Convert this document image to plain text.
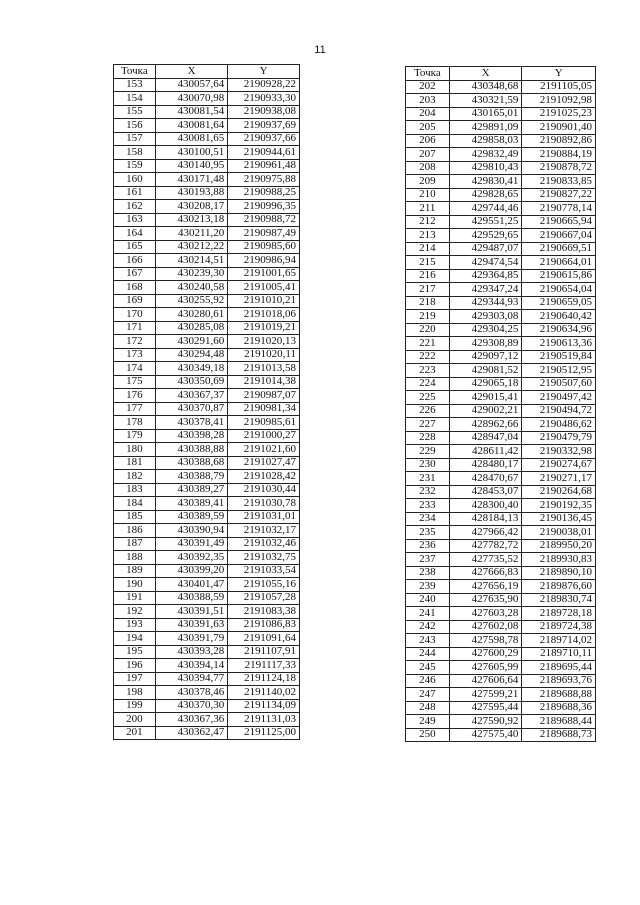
11
Точка	X	Y
153	430057,64	2190928,22
154	430070,98	2190933,30
155	430081,54	2190938,08
156	430081,64	2190937,69
157	430081,65	2190937,66
158	430100,51	2190944,61
159	430140,95	2190961,48
160	430171,48	2190975,88
161	430193,88	2190988,25
162	430208,17	2190996,35
163	430213,18	2190988,72
164	430211,20	2190987,49
165	430212,22	2190985,60
166	430214,51	2190986,94
167	430239,30	2191001,65
168	430240,58	2191005,41
169	430255,92	2191010,21
170	430280,61	2191018,06
171	430285,08	2191019,21
172	430291,60	2191020,13
173	430294,48	2191020,11
174	430349,18	2191013,58
175	430350,69	2191014,38
176	430367,37	2190987,07
177	430370,87	2190981,34
178	430378,41	2190985,61
179	430398,28	2191000,27
180	430388,88	2191021,60
181	430388,68	2191027,47
182	430388,79	2191028,42
183	430389,27	2191030,44
184	430389,41	2191030,78
185	430389,59	2191031,01
186	430390,94	2191032,17
187	430391,49	2191032,46
188	430392,35	2191032,75
189	430399,20	2191033,54
190	430401,47	2191055,16
191	430388,59	2191057,28
192	430391,51	2191083,38
193	430391,63	2191086,83
194	430391,79	2191091,64
195	430393,28	2191107,91
196	430394,14	2191117,33
197	430394,77	2191124,18
198	430378,46	2191140,02
199	430370,30	2191134,09
200	430367,36	2191131,03
201	430362,47	2191125,00
Точка	X	Y
202	430348,68	2191105,05
203	430321,59	2191092,98
204	430165,01	2191025,23
205	429891,09	2190901,40
206	429858,03	2190892,86
207	429832,49	2190884,19
208	429810,43	2190878,72
209	429830,41	2190833,85
210	429828,65	2190827,22
211	429744,46	2190778,14
212	429551,25	2190665,94
213	429529,65	2190667,04
214	429487,07	2190669,51
215	429474,54	2190664,01
216	429364,85	2190615,86
217	429347,24	2190654,04
218	429344,93	2190659,05
219	429303,08	2190640,42
220	429304,25	2190634,96
221	429308,89	2190613,36
222	429097,12	2190519,84
223	429081,52	2190512,95
224	429065,18	2190507,60
225	429015,41	2190497,42
226	429002,21	2190494,72
227	428962,66	2190486,62
228	428947,04	2190479,79
229	428611,42	2190332,98
230	428480,17	2190274,67
231	428470,67	2190271,17
232	428453,07	2190264,68
233	428300,40	2190192,35
234	428184,13	2190136,45
235	427966,42	2190038,01
236	427782,72	2189950,20
237	427735,52	2189930,83
238	427666,83	2189890,10
239	427656,19	2189876,60
240	427635,90	2189830,74
241	427603,28	2189728,18
242	427602,08	2189724,38
243	427598,78	2189714,02
244	427600,29	2189710,11
245	427605,99	2189695,44
246	427606,64	2189693,76
247	427599,21	2189688,88
248	427595,44	2189688,36
249	427590,92	2189688,44
250	427575,40	2189688,73
